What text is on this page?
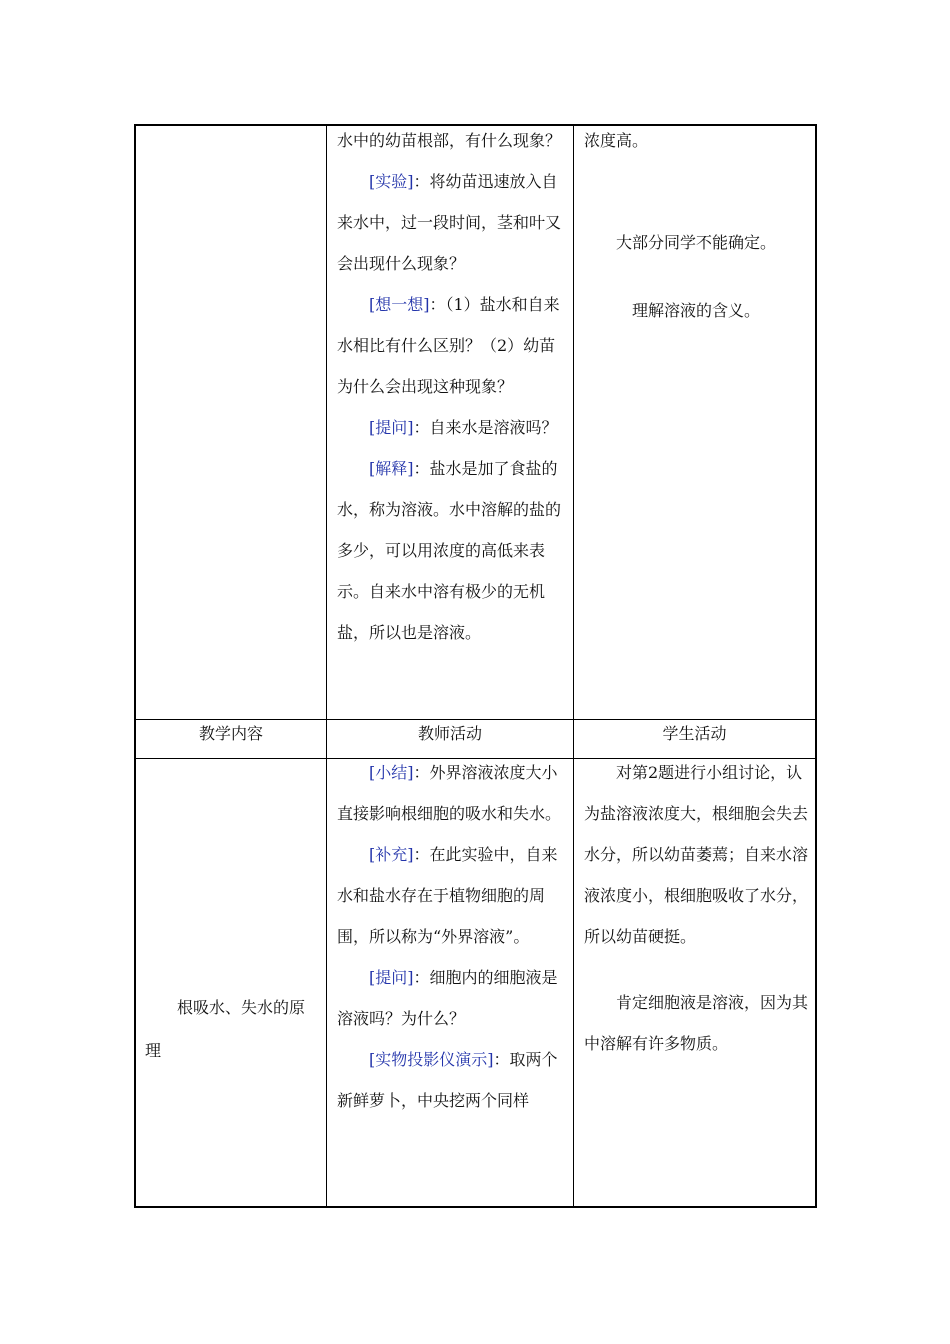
水中的幼苗根部，有什么现象？

[实验]：将幼苗迅速放入自来水中，过一段时间，茎和叶又会出现什么现象？

[想一想]：（1）盐水和自来水相比有什么区别？（2）幼苗为什么会出现这种现象？

[提问]：自来水是溶液吗？

[解释]：盐水是加了食盐的水，称为溶液。水中溶解的盐的多少，可以用浓度的高低来表示。自来水中溶有极少的无机盐，所以也是溶液。

浓度高。

大部分同学不能确定。

理解溶液的含义。

教学内容	教师活动	学生活动
根吸水、失水的原理

[小结]：外界溶液浓度大小直接影响根细胞的吸水和失水。

[补充]：在此实验中，自来水和盐水存在于植物细胞的周围，所以称为“外界溶液”。

[提问]：细胞内的细胞液是溶液吗？为什么？

[实物投影仪演示]：取两个新鲜萝卜，中央挖两个同样

对第2题进行小组讨论，认为盐溶液浓度大，根细胞会失去水分，所以幼苗萎蔫；自来水溶液浓度小，根细胞吸收了水分，所以幼苗硬挺。

肯定细胞液是溶液，因为其中溶解有许多物质。
